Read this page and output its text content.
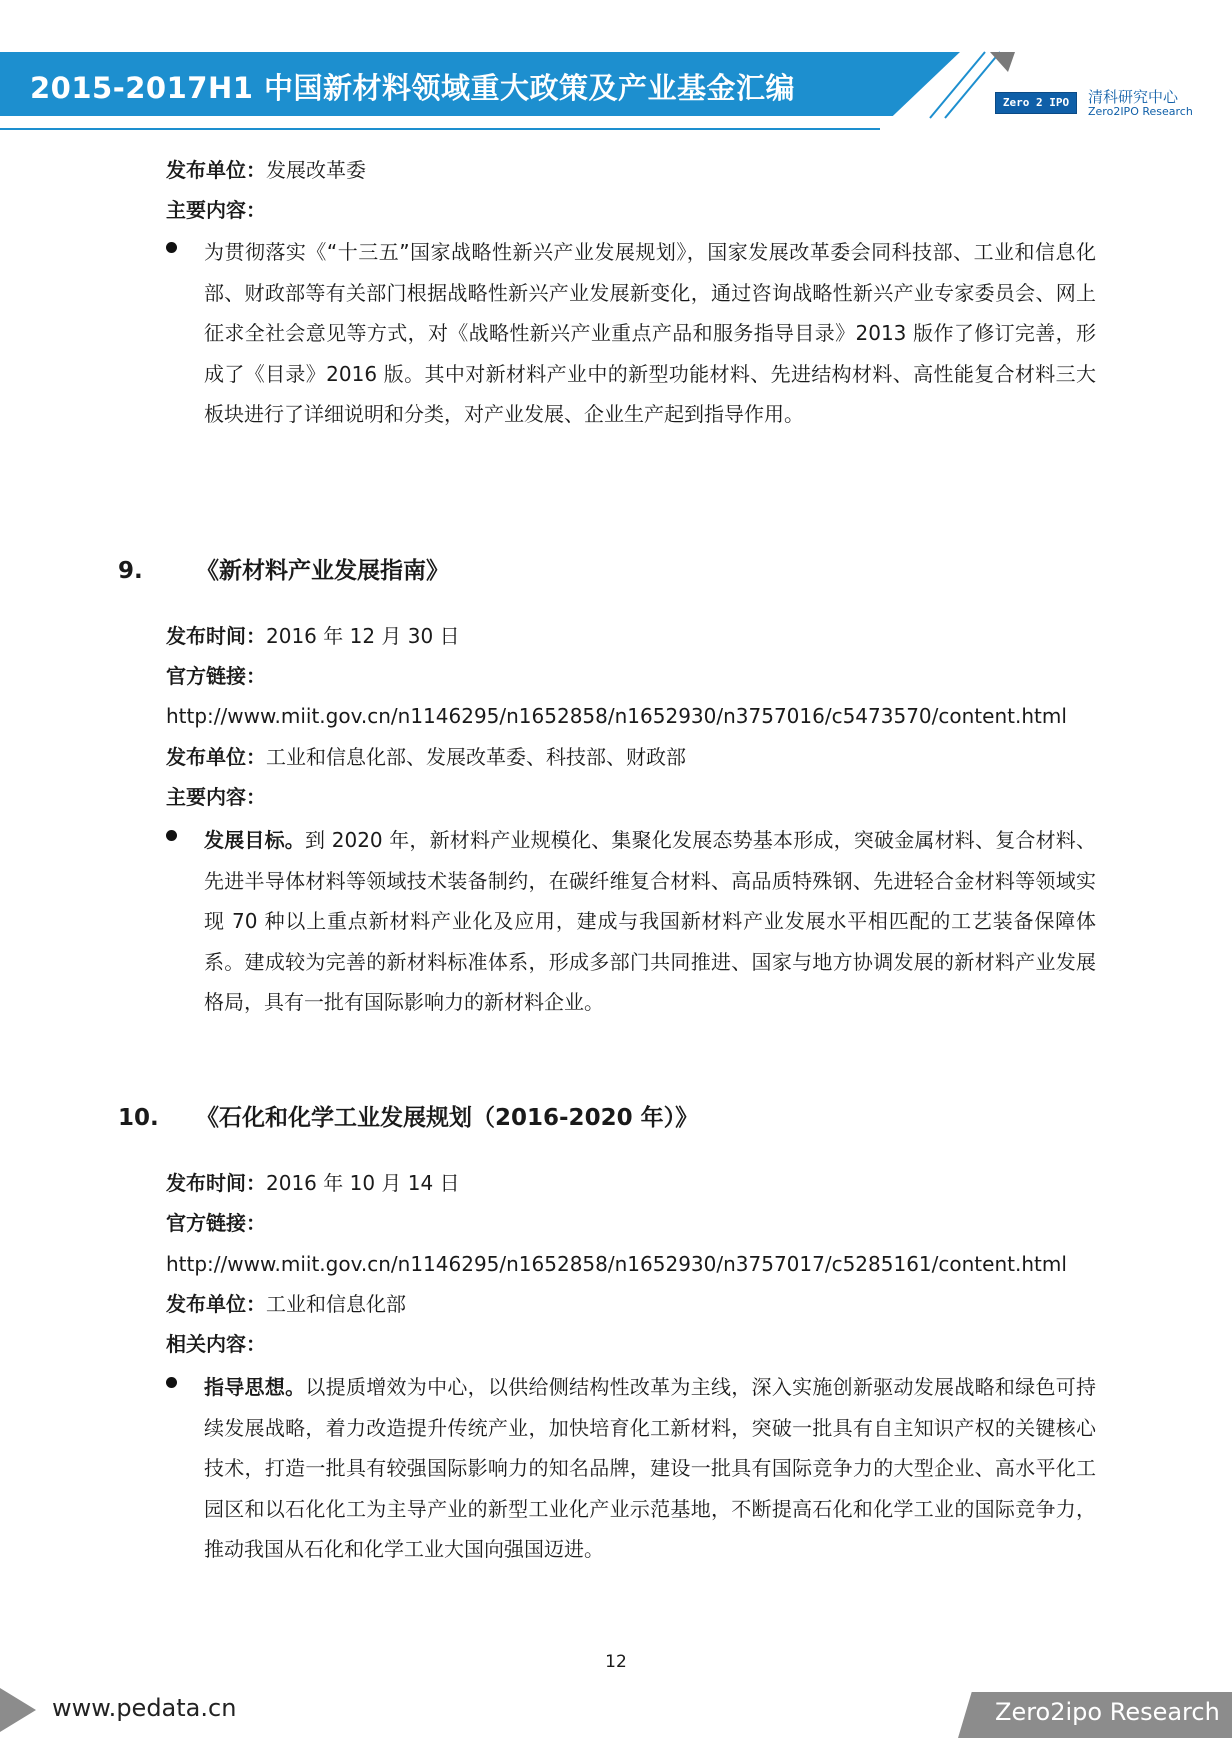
2015-2017H1 中国新材料领域重大政策及产业基金汇编	Zero 2 IPO	清科研究中心
Zero2IPO Research
发布单位：发展改革委
主要内容：
为贯彻落实《“十三五”国家战略性新兴产业发展规划》，国家发展改革委会同科技部、工业和信息化部、财政部等有关部门根据战略性新兴产业发展新变化，通过咨询战略性新兴产业专家委员会、网上征求全社会意见等方式，对《战略性新兴产业重点产品和服务指导目录》2013 版作了修订完善，形成了《目录》2016 版。其中对新材料产业中的新型功能材料、先进结构材料、高性能复合材料三大板块进行了详细说明和分类，对产业发展、企业生产起到指导作用。
9. 《新材料产业发展指南》
发布时间：2016 年 12 月 30 日
官方链接：
http://www.miit.gov.cn/n1146295/n1652858/n1652930/n3757016/c5473570/content.html
发布单位：工业和信息化部、发展改革委、科技部、财政部
主要内容：
发展目标。到 2020 年，新材料产业规模化、集聚化发展态势基本形成，突破金属材料、复合材料、先进半导体材料等领域技术装备制约，在碳纤维复合材料、高品质特殊钢、先进轻合金材料等领域实现 70 种以上重点新材料产业化及应用，建成与我国新材料产业发展水平相匹配的工艺装备保障体系。建成较为完善的新材料标准体系，形成多部门共同推进、国家与地方协调发展的新材料产业发展格局，具有一批有国际影响力的新材料企业。
10. 《石化和化学工业发展规划（2016-2020 年）》
发布时间：2016 年 10 月 14 日
官方链接：
http://www.miit.gov.cn/n1146295/n1652858/n1652930/n3757017/c5285161/content.html
发布单位：工业和信息化部
相关内容：
指导思想。以提质增效为中心，以供给侧结构性改革为主线，深入实施创新驱动发展战略和绿色可持续发展战略，着力改造提升传统产业，加快培育化工新材料，突破一批具有自主知识产权的关键核心技术，打造一批具有较强国际影响力的知名品牌，建设一批具有国际竞争力的大型企业、高水平化工园区和以石化化工为主导产业的新型工业化产业示范基地，不断提高石化和化学工业的国际竞争力，推动我国从石化和化学工业大国向强国迈进。
12
www.pedata.cn	Zero2ipo Research
